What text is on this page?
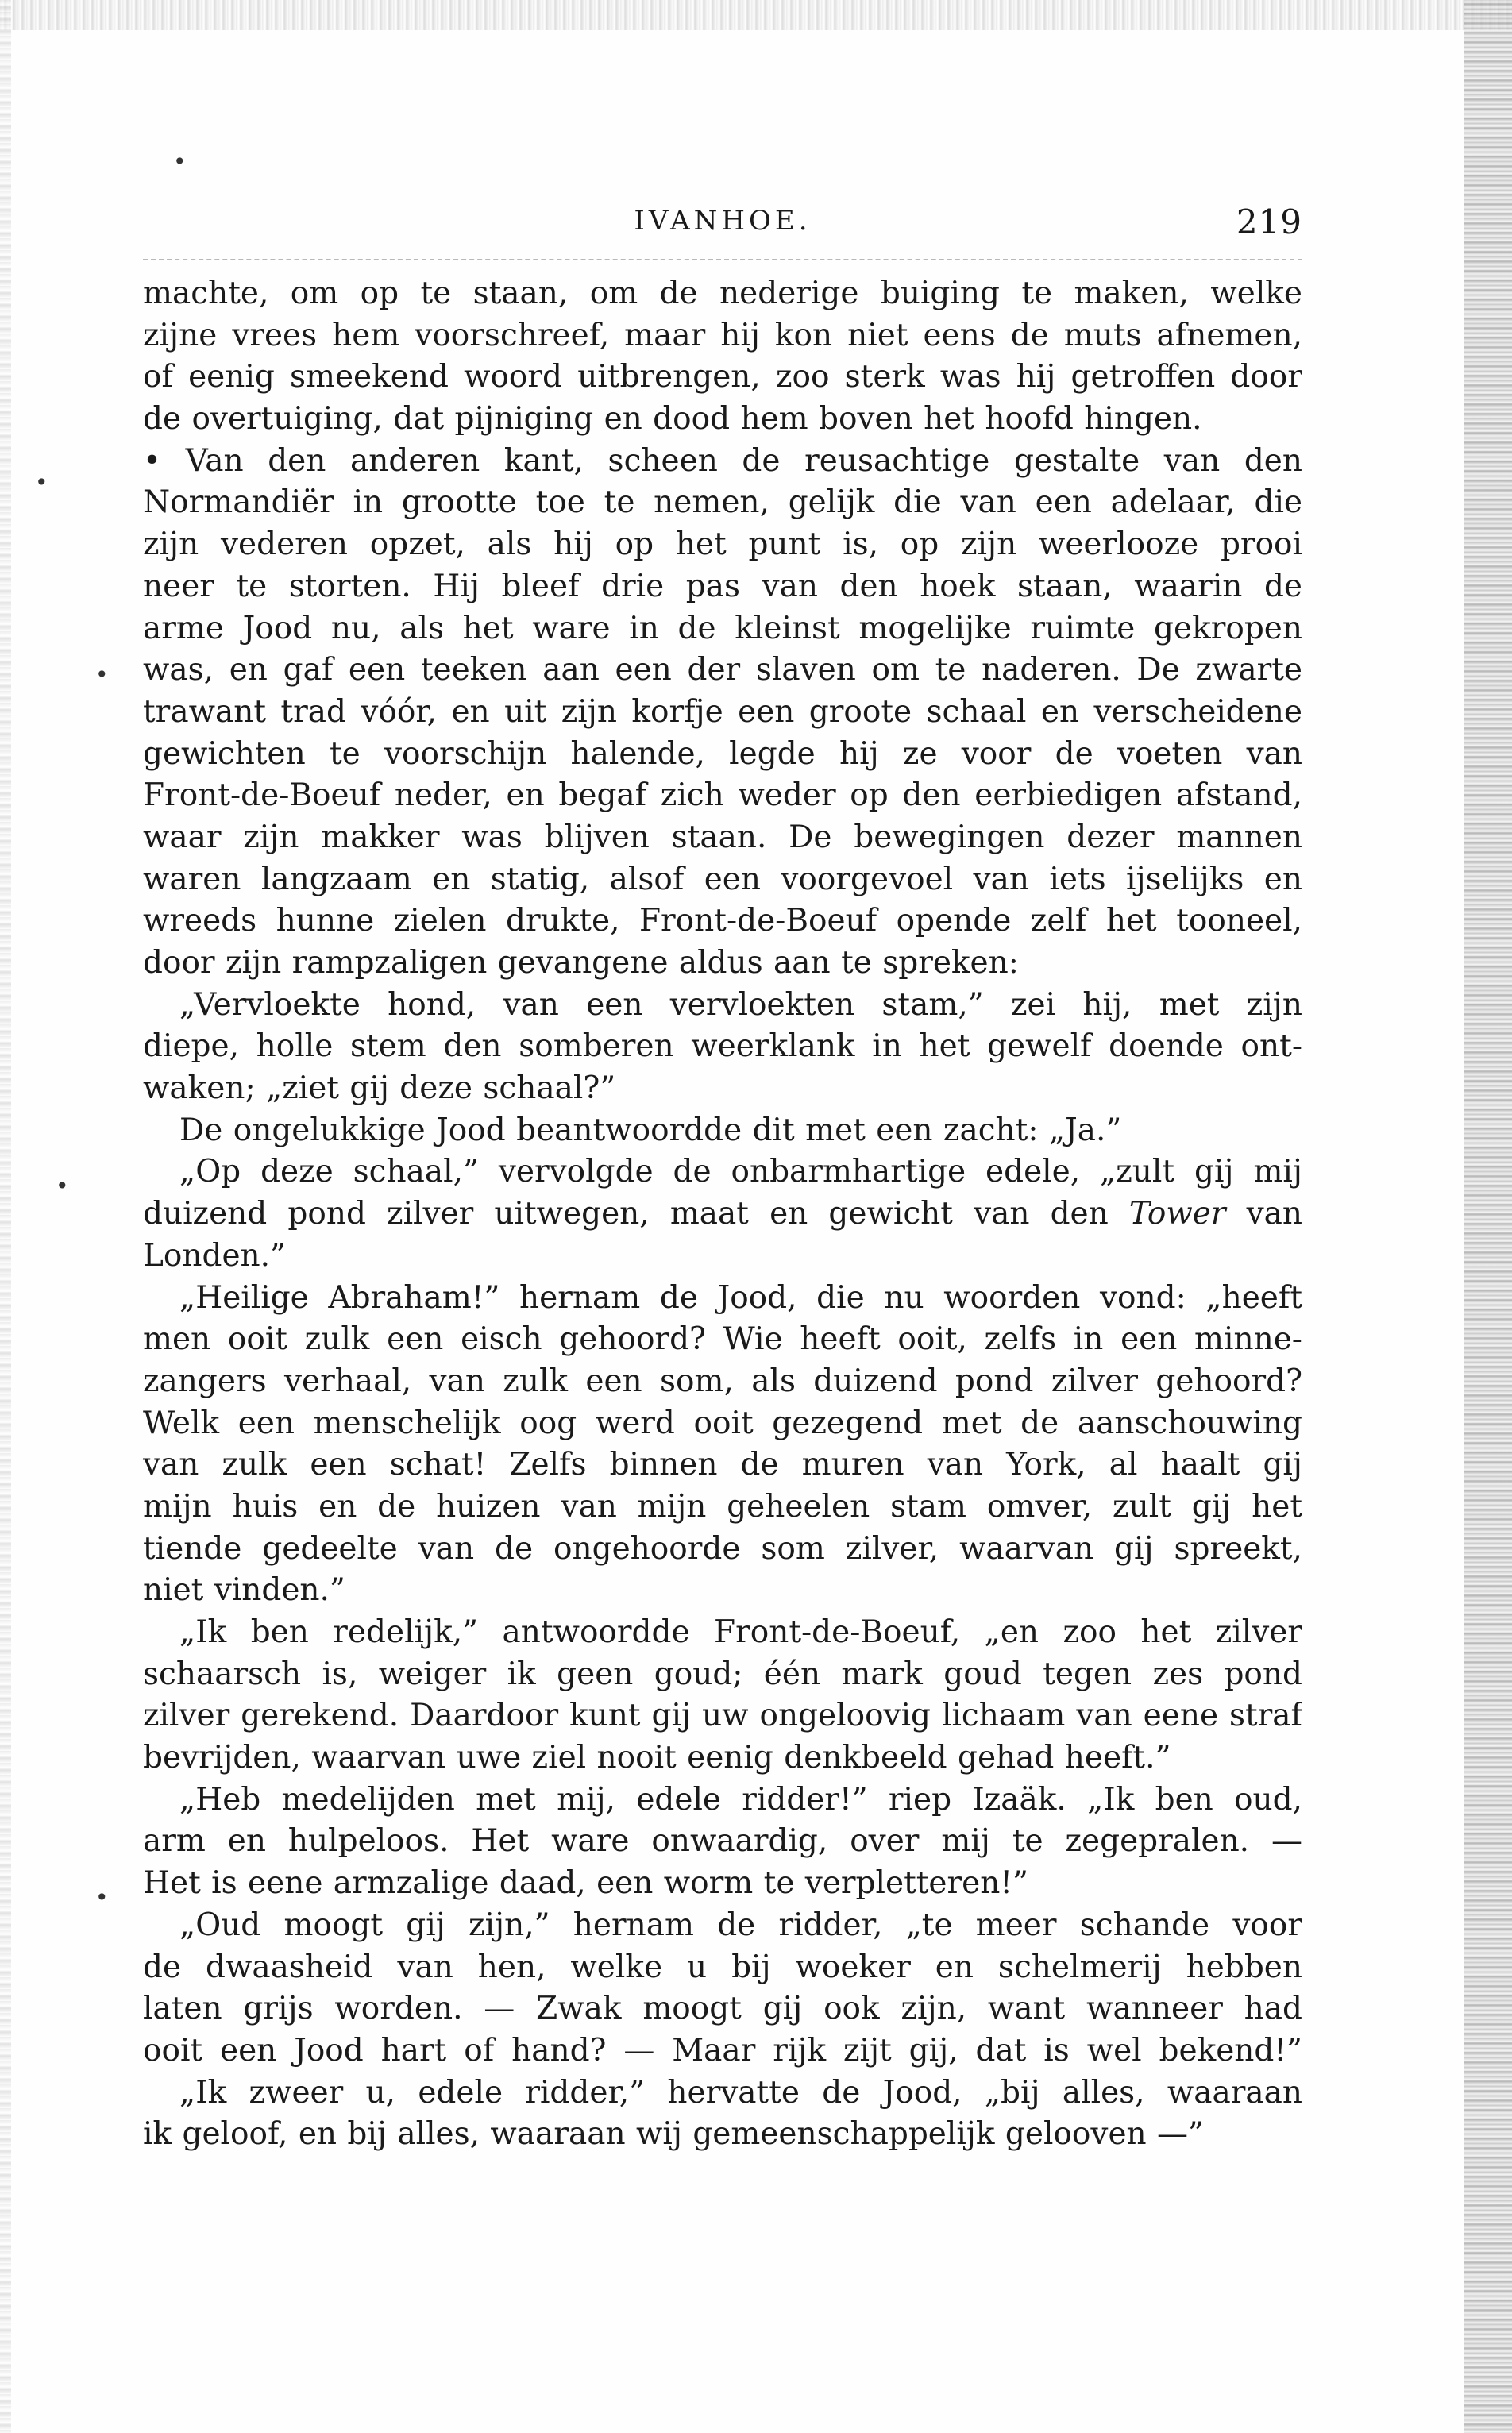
•
•
•
•
•
IVANHOE.	219
machte, om op te staan, om de nederige buiging te maken, welke
zijne vrees hem voorschreef, maar hij kon niet eens de muts afnemen,
of eenig smeekend woord uitbrengen, zoo sterk was hij getroffen door
de overtuiging, dat pijniging en dood hem boven het hoofd hingen.
• Van den anderen kant, scheen de reusachtige gestalte van den
Normandiër in grootte toe te nemen, gelijk die van een adelaar, die
zijn vederen opzet, als hij op het punt is, op zijn weerlooze prooi
neer te storten. Hij bleef drie pas van den hoek staan, waarin de
arme Jood nu, als het ware in de kleinst mogelijke ruimte gekropen
was, en gaf een teeken aan een der slaven om te naderen. De zwarte
trawant trad vóór, en uit zijn korfje een groote schaal en verscheidene
gewichten te voorschijn halende, legde hij ze voor de voeten van
Front-de-Boeuf neder, en begaf zich weder op den eerbiedigen afstand,
waar zijn makker was blijven staan. De bewegingen dezer mannen
waren langzaam en statig, alsof een voorgevoel van iets ijselijks en
wreeds hunne zielen drukte, Front-de-Boeuf opende zelf het tooneel,
door zijn rampzaligen gevangene aldus aan te spreken:
„Vervloekte hond, van een vervloekten stam,” zei hij, met zijn
diepe, holle stem den somberen weerklank in het gewelf doende ont-
waken; „ziet gij deze schaal?”
De ongelukkige Jood beantwoordde dit met een zacht: „Ja.”
„Op deze schaal,” vervolgde de onbarmhartige edele, „zult gij mij
duizend pond zilver uitwegen, maat en gewicht van den Tower van
Londen.”
„Heilige Abraham!” hernam de Jood, die nu woorden vond: „heeft
men ooit zulk een eisch gehoord? Wie heeft ooit, zelfs in een minne-
zangers verhaal, van zulk een som, als duizend pond zilver gehoord?
Welk een menschelijk oog werd ooit gezegend met de aanschouwing
van zulk een schat! Zelfs binnen de muren van York, al haalt gij
mijn huis en de huizen van mijn geheelen stam omver, zult gij het
tiende gedeelte van de ongehoorde som zilver, waarvan gij spreekt,
niet vinden.”
„Ik ben redelijk,” antwoordde Front-de-Boeuf, „en zoo het zilver
schaarsch is, weiger ik geen goud; één mark goud tegen zes pond
zilver gerekend. Daardoor kunt gij uw ongeloovig lichaam van eene straf
bevrijden, waarvan uwe ziel nooit eenig denkbeeld gehad heeft.”
„Heb medelijden met mij, edele ridder!” riep Izaäk. „Ik ben oud,
arm en hulpeloos. Het ware onwaardig, over mij te zegepralen. —
Het is eene armzalige daad, een worm te verpletteren!”
„Oud moogt gij zijn,” hernam de ridder, „te meer schande voor
de dwaasheid van hen, welke u bij woeker en schelmerij hebben
laten grijs worden. — Zwak moogt gij ook zijn, want wanneer had
ooit een Jood hart of hand? — Maar rijk zijt gij, dat is wel bekend!”
„Ik zweer u, edele ridder,” hervatte de Jood, „bij alles, waaraan
ik geloof, en bij alles, waaraan wij gemeenschappelijk gelooven —”
